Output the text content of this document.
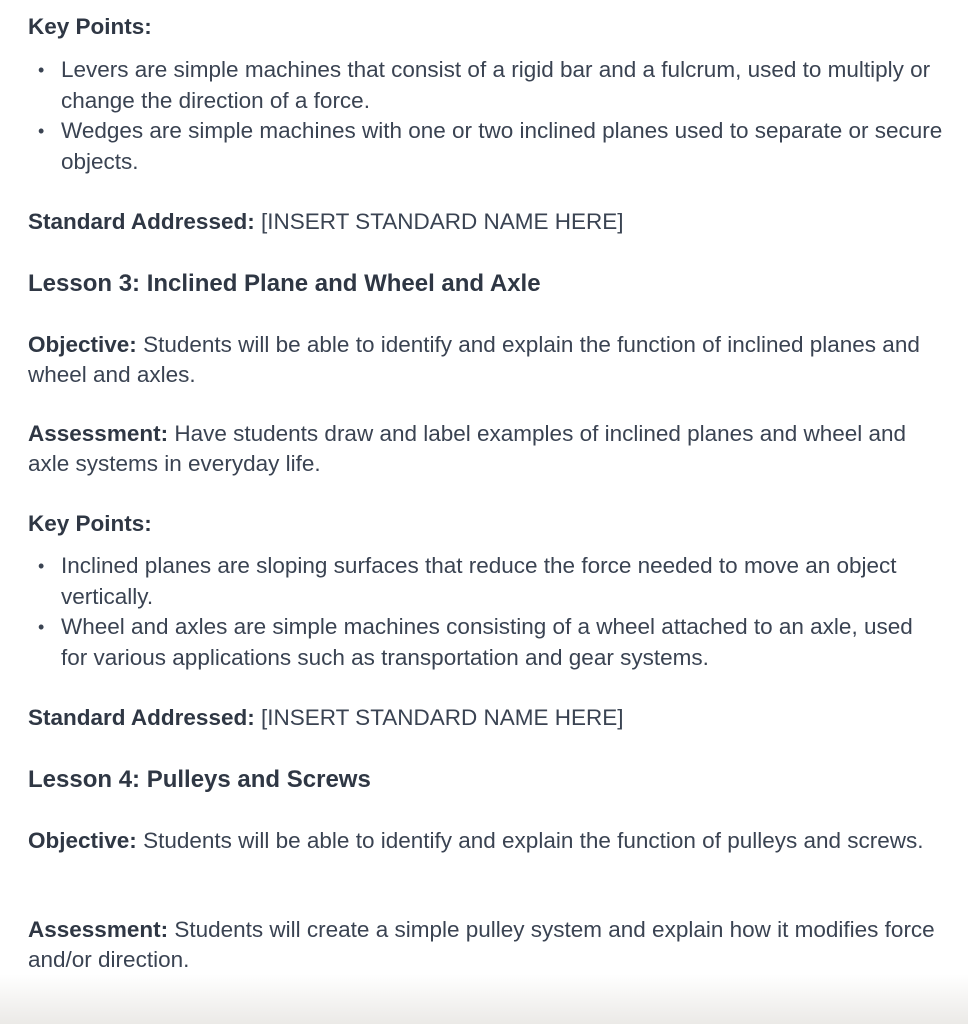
Key Points:

• Levers are simple machines that consist of a rigid bar and a fulcrum, used to multiply or change the direction of a force.
• Wedges are simple machines with one or two inclined planes used to separate or secure objects.

Standard Addressed: [INSERT STANDARD NAME HERE]

Lesson 3: Inclined Plane and Wheel and Axle

Objective: Students will be able to identify and explain the function of inclined planes and wheel and axles.

Assessment: Have students draw and label examples of inclined planes and wheel and axle systems in everyday life.

Key Points:

• Inclined planes are sloping surfaces that reduce the force needed to move an object vertically.
• Wheel and axles are simple machines consisting of a wheel attached to an axle, used for various applications such as transportation and gear systems.

Standard Addressed: [INSERT STANDARD NAME HERE]

Lesson 4: Pulleys and Screws

Objective: Students will be able to identify and explain the function of pulleys and screws.

Assessment: Students will create a simple pulley system and explain how it modifies force and/or direction.
